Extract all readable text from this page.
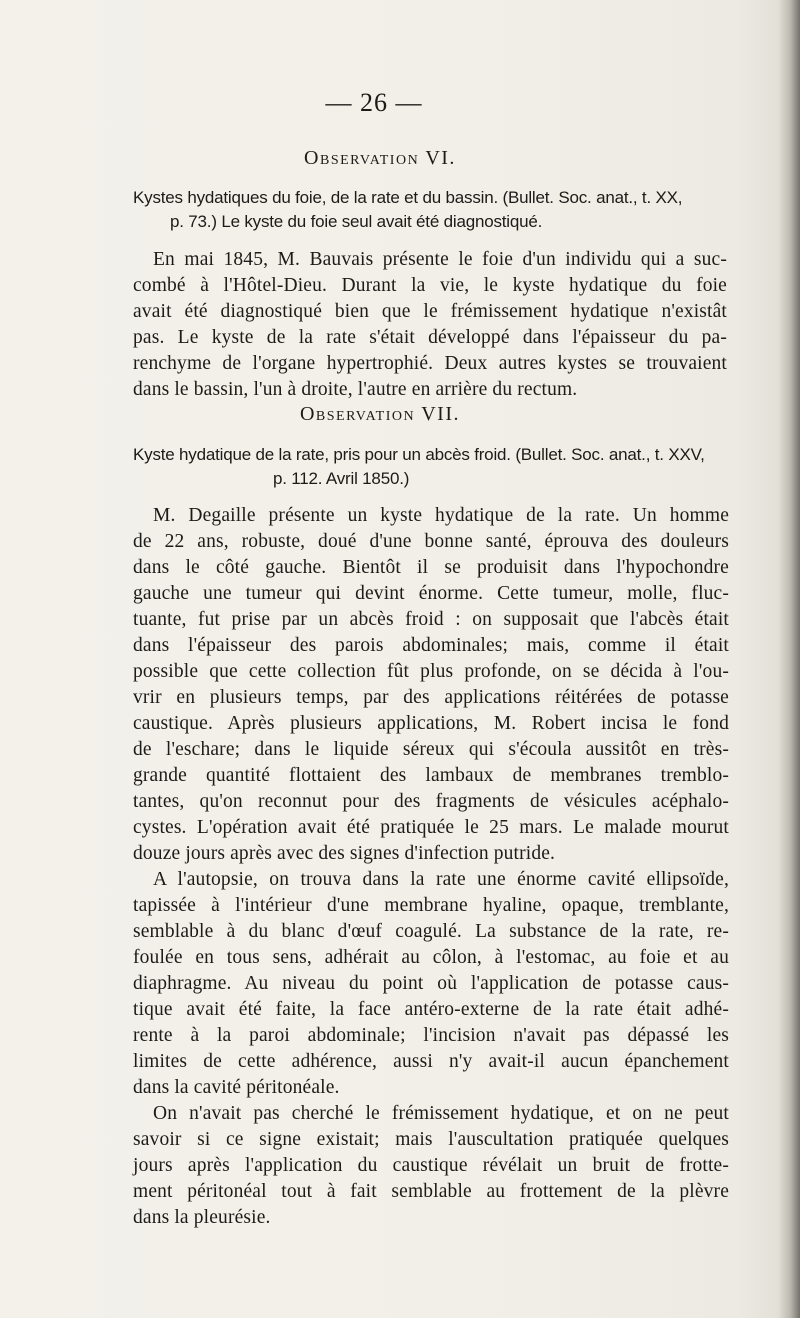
— 26 —
Observation VI.
Kystes hydatiques du foie, de la rate et du bassin. (Bullet. Soc. anat., t. XX,
p. 73.) Le kyste du foie seul avait été diagnostiqué.
En mai 1845, M. Bauvais présente le foie d'un individu qui a suc-
combé à l'Hôtel-Dieu. Durant la vie, le kyste hydatique du foie
avait été diagnostiqué bien que le frémissement hydatique n'existât
pas. Le kyste de la rate s'était développé dans l'épaisseur du pa-
renchyme de l'organe hypertrophié. Deux autres kystes se trouvaient
dans le bassin, l'un à droite, l'autre en arrière du rectum.
Observation VII.
Kyste hydatique de la rate, pris pour un abcès froid. (Bullet. Soc. anat., t. XXV,
p. 112. Avril 1850.)
M. Degaille présente un kyste hydatique de la rate. Un homme
de 22 ans, robuste, doué d'une bonne santé, éprouva des douleurs
dans le côté gauche. Bientôt il se produisit dans l'hypochondre
gauche une tumeur qui devint énorme. Cette tumeur, molle, fluc-
tuante, fut prise par un abcès froid : on supposait que l'abcès était
dans l'épaisseur des parois abdominales; mais, comme il était
possible que cette collection fût plus profonde, on se décida à l'ou-
vrir en plusieurs temps, par des applications réitérées de potasse
caustique. Après plusieurs applications, M. Robert incisa le fond
de l'eschare; dans le liquide séreux qui s'écoula aussitôt en très-
grande quantité flottaient des lambaux de membranes tremblo-
tantes, qu'on reconnut pour des fragments de vésicules acéphalo-
cystes. L'opération avait été pratiquée le 25 mars. Le malade mourut
douze jours après avec des signes d'infection putride.
A l'autopsie, on trouva dans la rate une énorme cavité ellipsoïde,
tapissée à l'intérieur d'une membrane hyaline, opaque, tremblante,
semblable à du blanc d'œuf coagulé. La substance de la rate, re-
foulée en tous sens, adhérait au côlon, à l'estomac, au foie et au
diaphragme. Au niveau du point où l'application de potasse caus-
tique avait été faite, la face antéro-externe de la rate était adhé-
rente à la paroi abdominale; l'incision n'avait pas dépassé les
limites de cette adhérence, aussi n'y avait-il aucun épanchement
dans la cavité péritonéale.
On n'avait pas cherché le frémissement hydatique, et on ne peut
savoir si ce signe existait; mais l'auscultation pratiquée quelques
jours après l'application du caustique révélait un bruit de frotte-
ment péritonéal tout à fait semblable au frottement de la plèvre
dans la pleurésie.
